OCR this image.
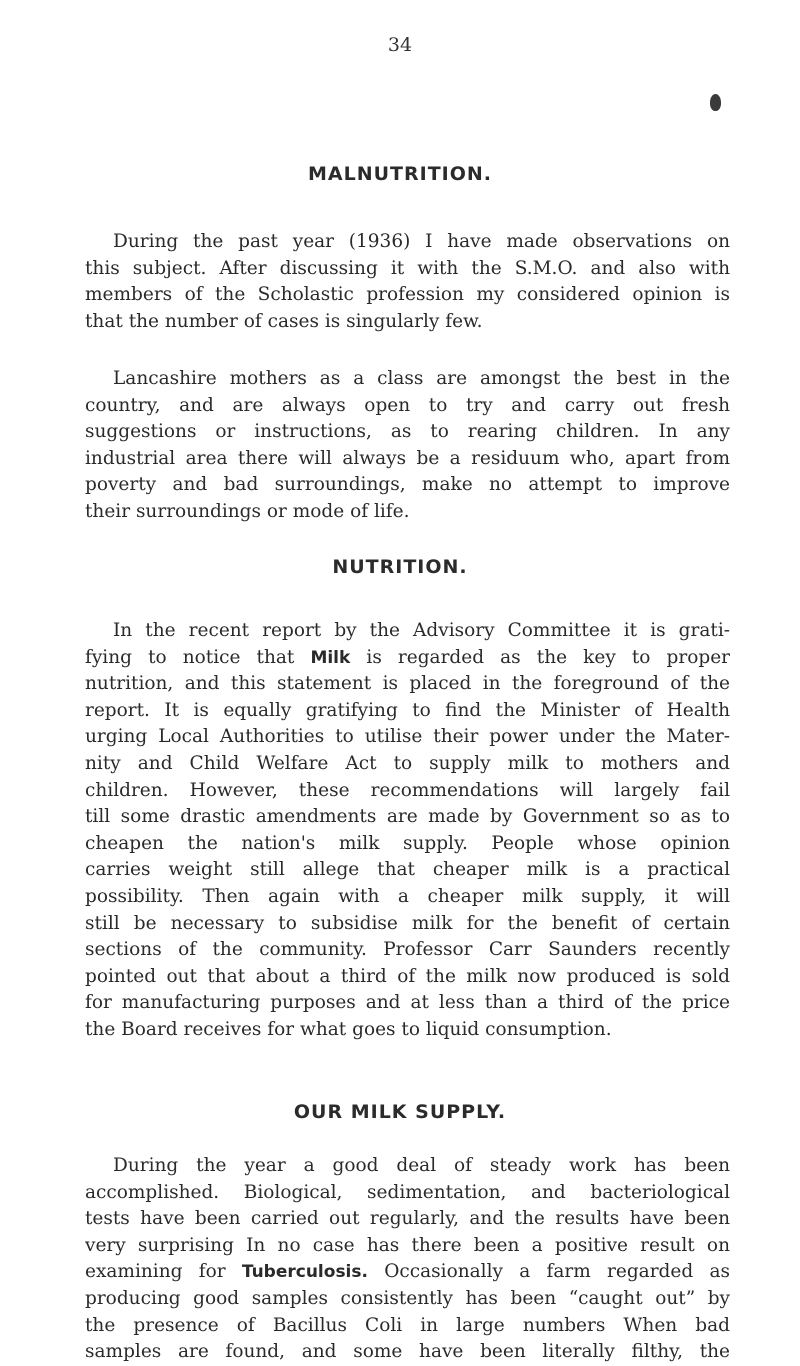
34
MALNUTRITION.
During the past year (1936) I have made observations on
this subject. After discussing it with the S.M.O. and also with
members of the Scholastic profession my considered opinion is
that the number of cases is singularly few.
Lancashire mothers as a class are amongst the best in the
country, and are always open to try and carry out fresh
suggestions or instructions, as to rearing children. In any
industrial area there will always be a residuum who, apart from
poverty and bad surroundings, make no attempt to improve
their surroundings or mode of life.
NUTRITION.
In the recent report by the Advisory Committee it is grati-
fying to notice that Milk is regarded as the key to proper
nutrition, and this statement is placed in the foreground of the
report. It is equally gratifying to find the Minister of Health
urging Local Authorities to utilise their power under the Mater-
nity and Child Welfare Act to supply milk to mothers and
children. However, these recommendations will largely fail
till some drastic amendments are made by Government so as to
cheapen the nation's milk supply. People whose opinion
carries weight still allege that cheaper milk is a practical
possibility. Then again with a cheaper milk supply, it will
still be necessary to subsidise milk for the benefit of certain
sections of the community. Professor Carr Saunders recently
pointed out that about a third of the milk now produced is sold
for manufacturing purposes and at less than a third of the price
the Board receives for what goes to liquid consumption.
OUR MILK SUPPLY.
During the year a good deal of steady work has been
accomplished. Biological, sedimentation, and bacteriological
tests have been carried out regularly, and the results have been
very surprising In no case has there been a positive result on
examining for Tuberculosis. Occasionally a farm regarded as
producing good samples consistently has been “caught out” by
the presence of Bacillus Coli in large numbers When bad
samples are found, and some have been literally filthy, the
